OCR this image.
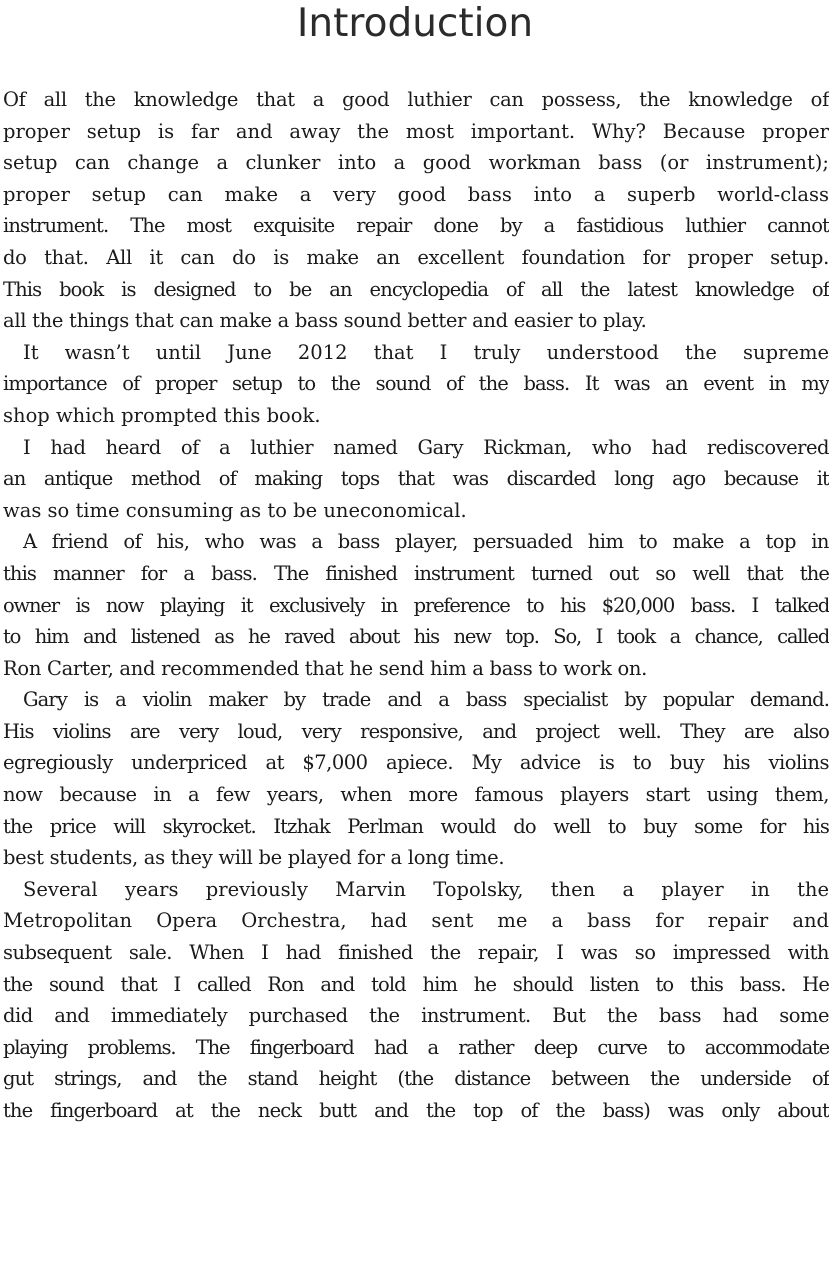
Introduction

Of all the knowledge that a good luthier can possess, the knowledge of
proper setup is far and away the most important. Why? Because proper
setup can change a clunker into a good workman bass (or instrument);
proper setup can make a very good bass into a superb world-class
instrument. The most exquisite repair done by a fastidious luthier cannot
do that. All it can do is make an excellent foundation for proper setup.
This book is designed to be an encyclopedia of all the latest knowledge of
all the things that can make a bass sound better and easier to play.

It wasn’t until June 2012 that I truly understood the supreme
importance of proper setup to the sound of the bass. It was an event in my
shop which prompted this book.

I had heard of a luthier named Gary Rickman, who had rediscovered
an antique method of making tops that was discarded long ago because it
was so time consuming as to be uneconomical.

A friend of his, who was a bass player, persuaded him to make a top in
this manner for a bass. The finished instrument turned out so well that the
owner is now playing it exclusively in preference to his $20,000 bass. I talked
to him and listened as he raved about his new top. So, I took a chance, called
Ron Carter, and recommended that he send him a bass to work on.

Gary is a violin maker by trade and a bass specialist by popular demand.
His violins are very loud, very responsive, and project well. They are also
egregiously underpriced at $7,000 apiece. My advice is to buy his violins
now because in a few years, when more famous players start using them,
the price will skyrocket. Itzhak Perlman would do well to buy some for his
best students, as they will be played for a long time.

Several years previously Marvin Topolsky, then a player in the
Metropolitan Opera Orchestra, had sent me a bass for repair and
subsequent sale. When I had finished the repair, I was so impressed with
the sound that I called Ron and told him he should listen to this bass. He
did and immediately purchased the instrument. But the bass had some
playing problems. The fingerboard had a rather deep curve to accommodate
gut strings, and the stand height (the distance between the underside of
the fingerboard at the neck butt and the top of the bass) was only about
